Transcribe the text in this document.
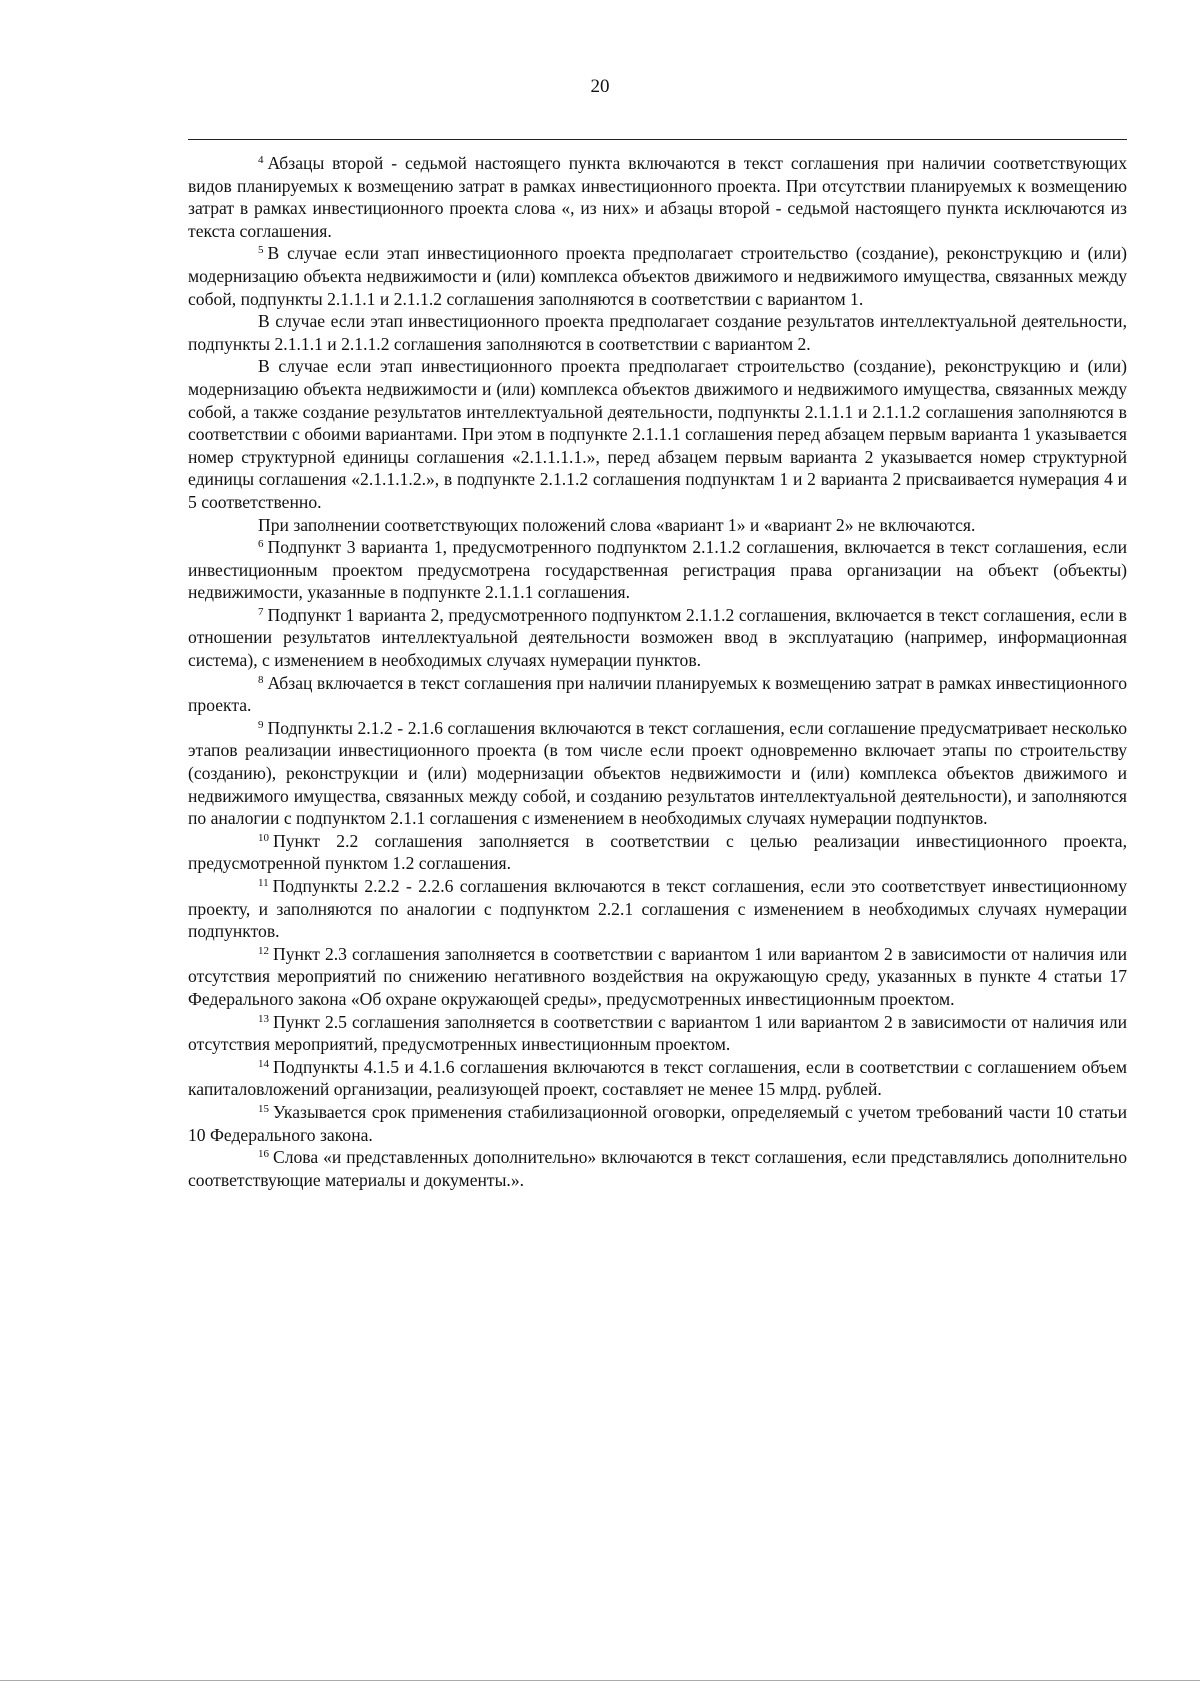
20

$^4$ Абзацы второй - седьмой настоящего пункта включаются в текст соглашения при наличии соответствующих видов планируемых к возмещению затрат в рамках инвестиционного проекта. При отсутствии планируемых к возмещению затрат в рамках инвестиционного проекта слова «, из них» и абзацы второй - седьмой настоящего пункта исключаются из текста соглашения.

$^5$ В случае если этап инвестиционного проекта предполагает строительство (создание), реконструкцию и (или) модернизацию объекта недвижимости и (или) комплекса объектов движимого и недвижимого имущества, связанных между собой, подпункты 2.1.1.1 и 2.1.1.2 соглашения заполняются в соответствии с вариантом 1.

В случае если этап инвестиционного проекта предполагает создание результатов интеллектуальной деятельности, подпункты 2.1.1.1 и 2.1.1.2 соглашения заполняются в соответствии с вариантом 2.

В случае если этап инвестиционного проекта предполагает строительство (создание), реконструкцию и (или) модернизацию объекта недвижимости и (или) комплекса объектов движимого и недвижимого имущества, связанных между собой, а также создание результатов интеллектуальной деятельности, подпункты 2.1.1.1 и 2.1.1.2 соглашения заполняются в соответствии с обоими вариантами. При этом в подпункте 2.1.1.1 соглашения перед абзацем первым варианта 1 указывается номер структурной единицы соглашения «2.1.1.1.1.», перед абзацем первым варианта 2 указывается номер структурной единицы соглашения «2.1.1.1.2.», в подпункте 2.1.1.2 соглашения подпунктам 1 и 2 варианта 2 присваивается нумерация 4 и 5 соответственно.

При заполнении соответствующих положений слова «вариант 1» и «вариант 2» не включаются.

$^6$ Подпункт 3 варианта 1, предусмотренного подпунктом 2.1.1.2 соглашения, включается в текст соглашения, если инвестиционным проектом предусмотрена государственная регистрация права организации на объект (объекты) недвижимости, указанные в подпункте 2.1.1.1 соглашения.

$^7$ Подпункт 1 варианта 2, предусмотренного подпунктом 2.1.1.2 соглашения, включается в текст соглашения, если в отношении результатов интеллектуальной деятельности возможен ввод в эксплуатацию (например, информационная система), с изменением в необходимых случаях нумерации пунктов.

$^8$ Абзац включается в текст соглашения при наличии планируемых к возмещению затрат в рамках инвестиционного проекта.

$^9$ Подпункты 2.1.2 - 2.1.6 соглашения включаются в текст соглашения, если соглашение предусматривает несколько этапов реализации инвестиционного проекта (в том числе если проект одновременно включает этапы по строительству (созданию), реконструкции и (или) модернизации объектов недвижимости и (или) комплекса объектов движимого и недвижимого имущества, связанных между собой, и созданию результатов интеллектуальной деятельности), и заполняются по аналогии с подпунктом 2.1.1 соглашения с изменением в необходимых случаях нумерации подпунктов.

$^{10}$ Пункт 2.2 соглашения заполняется в соответствии с целью реализации инвестиционного проекта, предусмотренной пунктом 1.2 соглашения.

$^{11}$ Подпункты 2.2.2 - 2.2.6 соглашения включаются в текст соглашения, если это соответствует инвестиционному проекту, и заполняются по аналогии с подпунктом 2.2.1 соглашения с изменением в необходимых случаях нумерации подпунктов.

$^{12}$ Пункт 2.3 соглашения заполняется в соответствии с вариантом 1 или вариантом 2 в зависимости от наличия или отсутствия мероприятий по снижению негативного воздействия на окружающую среду, указанных в пункте 4 статьи 17 Федерального закона «Об охране окружающей среды», предусмотренных инвестиционным проектом.

$^{13}$ Пункт 2.5 соглашения заполняется в соответствии с вариантом 1 или вариантом 2 в зависимости от наличия или отсутствия мероприятий, предусмотренных инвестиционным проектом.

$^{14}$ Подпункты 4.1.5 и 4.1.6 соглашения включаются в текст соглашения, если в соответствии с соглашением объем капиталовложений организации, реализующей проект, составляет не менее 15 млрд. рублей.

$^{15}$ Указывается срок применения стабилизационной оговорки, определяемый с учетом требований части 10 статьи 10 Федерального закона.

$^{16}$ Слова «и представленных дополнительно» включаются в текст соглашения, если представлялись дополнительно соответствующие материалы и документы.».
